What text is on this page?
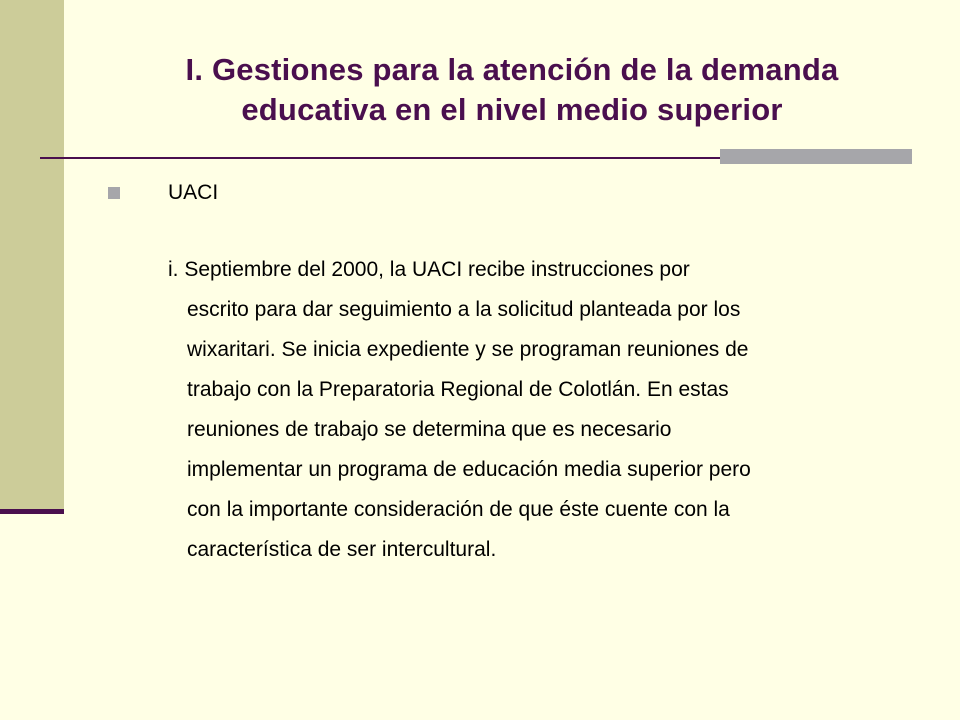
I. Gestiones para la atención de la demanda
educativa en el nivel medio superior
UACI

i. Septiembre del 2000, la UACI recibe instrucciones por
escrito para dar seguimiento a la solicitud planteada por los
wixaritari. Se inicia expediente y se programan reuniones de
trabajo con la Preparatoria Regional de Colotlán. En estas
reuniones de trabajo se determina que es necesario
implementar un programa de educación media superior pero
con la importante consideración de que éste cuente con la
característica de ser intercultural.
